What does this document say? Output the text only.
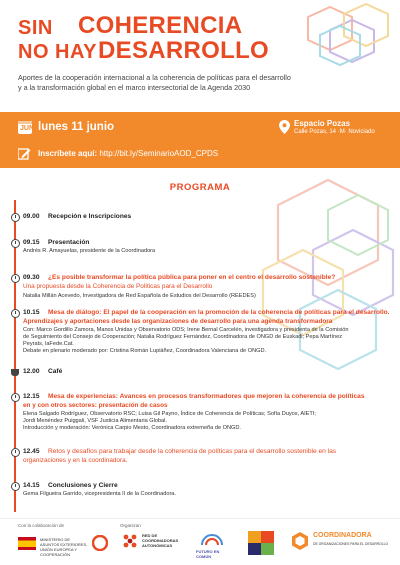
SIN COHERENCIA
NO HAY DESARROLLO
Aportes de la cooperación internacional a la coherencia de políticas para el desarrollo
y a la transformación global en el marco intersectorial de la Agenda 2030
JUN lunes 11 junio	Espacio Pozas
Calle Pozas, 14 ·M· Noviciado
Inscríbete aquí: http://bit.ly/SeminarioAOD_CPDS
PROGRAMA
09.00 Recepción e Inscripciones
09.15 Presentación
Andrés R. Amayuelas, presidente de la Coordinadora
09.30 ¿Es posible transformar la política pública para poner en el centro el desarrollo sostenible?
Una propuesta desde la Coherencia de Políticas para el Desarrollo
Natalia Millán Acevedo, Investigadora de Red Española de Estudios del Desarrollo (REEDES)
10.15 Mesa de diálogo: El papel de la cooperación en la promoción de la coherencia de políticas para el desarrollo.
Aprendizajes y aportaciones desde las organizaciones de desarrollo para una agenda transformadora
Con: Marco Gordillo Zamora, Manos Unidas y Observatorio ODS; Irene Bernal Carcelén, investigadora y presidenta de la Comisión
de Seguimiento del Consejo de Cooperación; Natalia Rodríguez Fernández, Coordinadora de ONGD de Euskadi; Pepa Martínez
Peyrats, laFede.Cat.
Debate en plenario moderado por: Cristina Román Lupiáñez, Coordinadora Valenciana de ONGD.
12.00 Café
12.15 Mesa de experiencias: Avances en procesos transformadores que mejoren la coherencia de políticas
en y con otros sectores: presentación de casos
Elena Salgado Rodríguez, Observatorio RSC; Luisa Gil Payno, Índice de Coherencia de Políticas; Sofía Duyos, AIETI;
Jordi Menéndez Puiggali, VSF Justicia Alimentaria Global.
Introducción y moderación: Verónica Carpio Mesto, Coordinadora extremeña de ONGD.
12.45 Retos y desafíos para trabajar desde la coherencia de políticas para el desarrollo sostenible en las
organizaciones y en la coordinadora.
14.15 Conclusiones y Cierre
Gema Filgueira Garrido, vicepresidenta II de la Coordinadora.
Con la colaboración de
MINISTERIO DE ASUNTOS EXTERIORES, UNIÓN EUROPEA Y COOPERACIÓN
Organizan
RED DE COORDINADORAS AUTONÓMICAS
FUTURO EN COMÚN
COORDINADORA
DE ORGANIZACIONES PARA EL DESARROLLO
